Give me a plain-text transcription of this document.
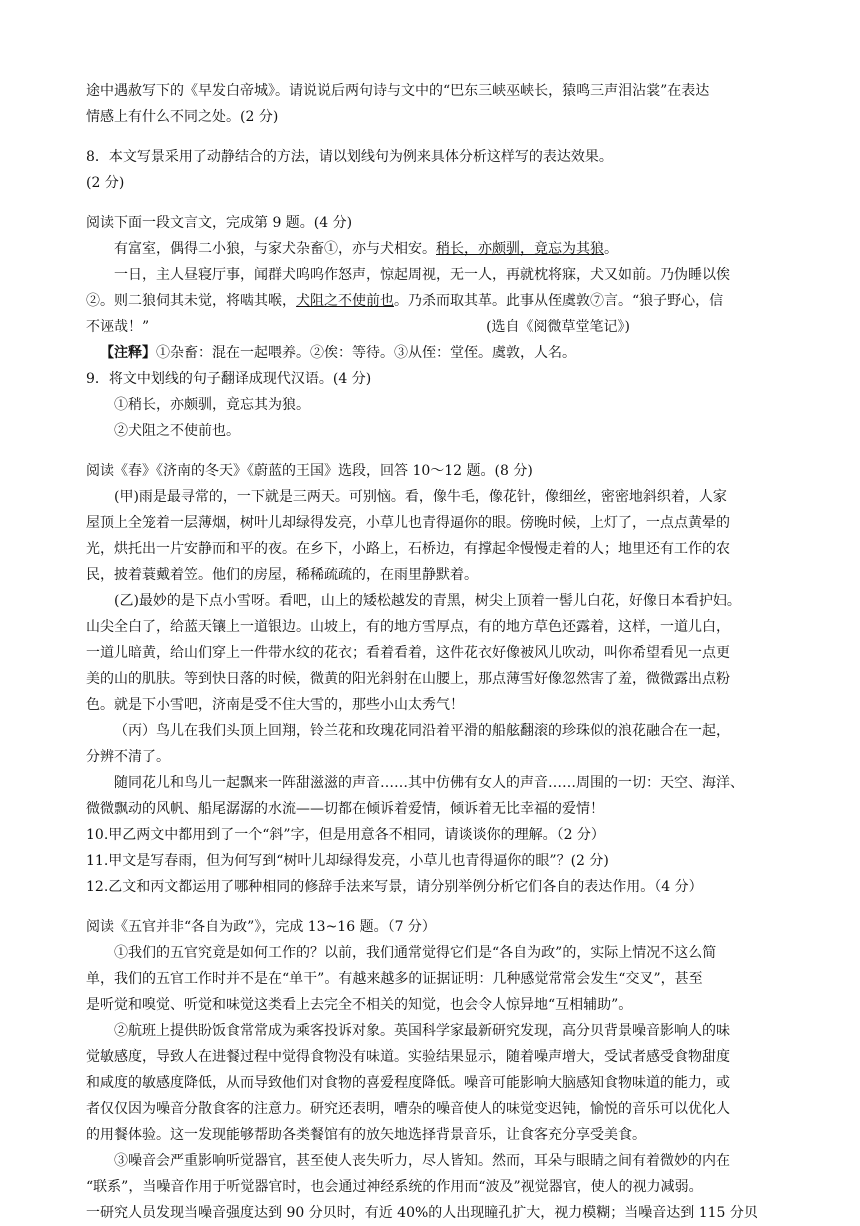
途中遇赦写下的《早发白帝城》。请说说后两句诗与文中的“巴东三峡巫峡长，猿鸣三声泪沾裳”在表达
情感上有什么不同之处。(2 分)
8．本文写景采用了动静结合的方法，请以划线句为例来具体分析这样写的表达效果。
(2 分)
阅读下面一段文言文，完成第 9 题。(4 分)
有富室，偶得二小狼，与家犬杂畜①，亦与犬相安。稍长，亦颇驯，竟忘为其狼。
一日，主人昼寝厅事，闻群犬呜呜作怒声，惊起周视，无一人，再就枕将寐，犬又如前。乃伪睡以俟
②。则二狼伺其未觉，将啮其喉，犬阻之不使前也。乃杀而取其革。此事从侄虞敦⑦言。“狼子野心，信
不诬哉！”	(选自《阅微草堂笔记》)
【注释】①杂畜：混在一起喂养。②俟：等待。③从侄：堂侄。虞敦，人名。
9．将文中划线的句子翻译成现代汉语。(4 分)
①稍长，亦颇驯，竟忘其为狼。
②犬阻之不使前也。
阅读《春》《济南的冬天》《蔚蓝的王国》选段，回答 10～12 题。(8 分)
(甲)雨是最寻常的，一下就是三两天。可别恼。看，像牛毛，像花针，像细丝，密密地斜织着，人家
屋顶上全笼着一层薄烟，树叶儿却绿得发亮，小草儿也青得逼你的眼。傍晚时候，上灯了，一点点黄晕的
光，烘托出一片安静而和平的夜。在乡下，小路上，石桥边，有撑起伞慢慢走着的人；地里还有工作的农
民，披着蓑戴着笠。他们的房屋，稀稀疏疏的，在雨里静默着。
(乙)最妙的是下点小雪呀。看吧，山上的矮松越发的青黑，树尖上顶着一髻儿白花，好像日本看护妇。
山尖全白了，给蓝天镶上一道银边。山坡上，有的地方雪厚点，有的地方草色还露着，这样，一道儿白，
一道儿暗黄，给山们穿上一件带水纹的花衣；看着看着，这件花衣好像被风儿吹动，叫你希望看见一点更
美的山的肌肤。等到快日落的时候，微黄的阳光斜射在山腰上，那点薄雪好像忽然害了羞，微微露出点粉
色。就是下小雪吧，济南是受不住大雪的，那些小山太秀气！
（丙）鸟儿在我们头顶上回翔，铃兰花和玫瑰花同沿着平滑的船舷翻滚的珍珠似的浪花融合在一起，
分辨不清了。
随同花儿和鸟儿一起飘来一阵甜滋滋的声音……其中仿佛有女人的声音……周围的一切：天空、海洋、
微微飘动的风帆、船尾潺潺的水流——切都在倾诉着爱情，倾诉着无比幸福的爱情！
10.甲乙两文中都用到了一个“斜”字，但是用意各不相同，请谈谈你的理解。（2 分）
11.甲文是写春雨，但为何写到“树叶儿却绿得发亮，小草儿也青得逼你的眼”？(2 分)
12.乙文和丙文都运用了哪种相同的修辞手法来写景，请分别举例分析它们各自的表达作用。（4 分）
阅读《五官并非“各自为政”》，完成 13~16 题。（7 分）
①我们的五官究竟是如何工作的？以前，我们通常觉得它们是“各自为政”的，实际上情况不这么简
单，我们的五官工作时并不是在“单干”。有越来越多的证据证明：几种感觉常常会发生“交叉”，甚至
是听觉和嗅觉、听觉和味觉这类看上去完全不相关的知觉，也会令人惊异地“互相辅助”。
②航班上提供盼饭食常常成为乘客投诉对象。英国科学家最新研究发现，高分贝背景噪音影响人的味
觉敏感度，导致人在进餐过程中觉得食物没有味道。实验结果显示，随着噪声增大，受试者感受食物甜度
和咸度的敏感度降低，从而导致他们对食物的喜爱程度降低。噪音可能影响大脑感知食物味道的能力，或
者仅仅因为噪音分散食客的注意力。研究还表明，嘈杂的噪音使人的味觉变迟钝，愉悦的音乐可以优化人
的用餐体验。这一发现能够帮助各类餐馆有的放矢地选择背景音乐，让食客充分享受美食。
③噪音会严重影响听觉器官，甚至使人丧失听力，尽人皆知。然而，耳朵与眼睛之间有着微妙的内在
“联系”，当噪音作用于听觉器官时，也会通过神经系统的作用而“波及”视觉器官，使人的视力减弱。
一研究人员发现当噪音强度达到 90 分贝时，有近 40%的人出现瞳孔扩大，视力模糊；当噪音达到 115 分贝
